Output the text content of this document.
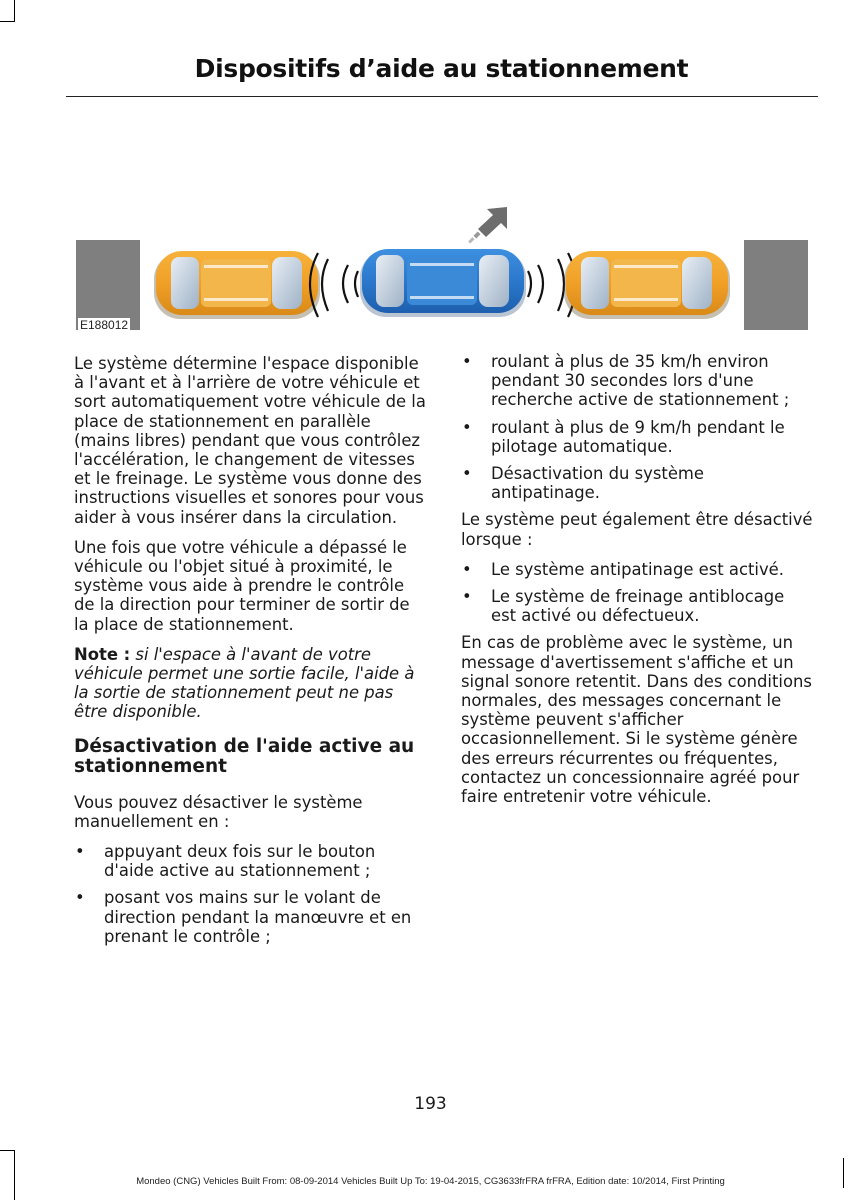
Dispositifs d’aide au stationnement
E188012

Le système détermine l'espace disponible à l'avant et à l'arrière de votre véhicule et sort automatiquement votre véhicule de la place de stationnement en parallèle (mains libres) pendant que vous contrôlez l'accélération, le changement de vitesses et le freinage. Le système vous donne des instructions visuelles et sonores pour vous aider à vous insérer dans la circulation.

Une fois que votre véhicule a dépassé le véhicule ou l'objet situé à proximité, le système vous aide à prendre le contrôle de la direction pour terminer de sortir de la place de stationnement.

Note : si l'espace à l'avant de votre véhicule permet une sortie facile, l'aide à la sortie de stationnement peut ne pas être disponible.

Désactivation de l'aide active au stationnement

Vous pouvez désactiver le système manuellement en :

• appuyant deux fois sur le bouton d'aide active au stationnement ;
• posant vos mains sur le volant de direction pendant la manœuvre et en prenant le contrôle ;
• roulant à plus de 35 km/h environ pendant 30 secondes lors d'une recherche active de stationnement ;
• roulant à plus de 9 km/h pendant le pilotage automatique.
• Désactivation du système antipatinage.

Le système peut également être désactivé lorsque :

• Le système antipatinage est activé.
• Le système de freinage antiblocage est activé ou défectueux.

En cas de problème avec le système, un message d'avertissement s'affiche et un signal sonore retentit. Dans des conditions normales, des messages concernant le système peuvent s'afficher occasionnellement. Si le système génère des erreurs récurrentes ou fréquentes, contactez un concessionnaire agréé pour faire entretenir votre véhicule.

193
Mondeo (CNG) Vehicles Built From: 08-09-2014 Vehicles Built Up To: 19-04-2015, CG3633frFRA frFRA, Edition date: 10/2014, First Printing
